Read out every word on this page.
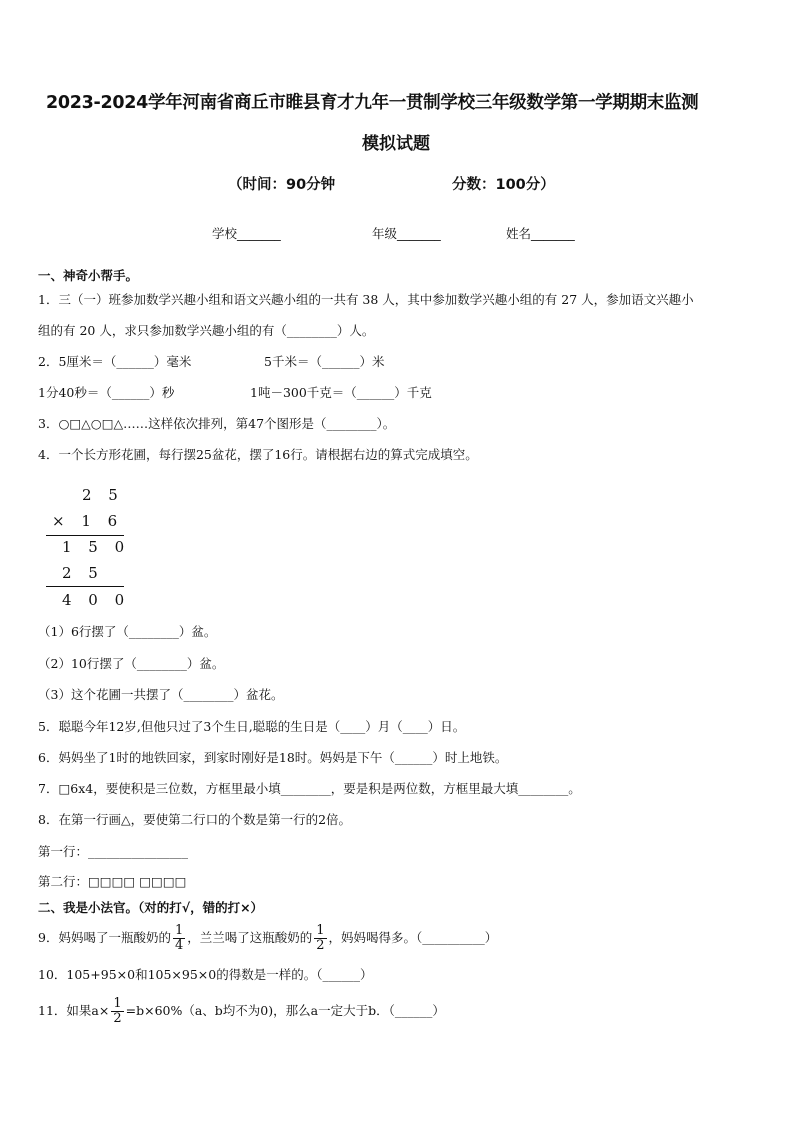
2023-2024学年河南省商丘市睢县育才九年一贯制学校三年级数学第一学期期末监测
模拟试题
（时间：90分钟	分数：100分）
学校_______	年级_______	姓名_______
一、神奇小帮手。
1．三（一）班参加数学兴趣小组和语文兴趣小组的一共有 38 人，其中参加数学兴趣小组的有 27 人，参加语文兴趣小
组的有 20 人，求只参加数学兴趣小组的有（________）人。
2．5厘米＝（______）毫米	5千米＝（______）米
1分40秒＝（______）秒	1吨－300千克＝（______）千克
3．○□△○□△……这样依次排列，第47个图形是（________）。
4．一个长方形花圃，每行摆25盆花，摆了16行。请根据右边的算式完成填空。
2 5
× 1 6
1 5 0
2 5
4 0 0
（1）6行摆了（________）盆。
（2）10行摆了（________）盆。
（3）这个花圃一共摆了（________）盆花。
5．聪聪今年12岁,但他只过了3个生日,聪聪的生日是（____）月（____）日。
6．妈妈坐了1时的地铁回家，到家时刚好是18时。妈妈是下午（______）时上地铁。
7．□6x4，要使积是三位数，方框里最小填________，要是积是两位数，方框里最大填________。
8．在第一行画△，要使第二行口的个数是第一行的2倍。
第一行：________________
第二行：□□□□ □□□□
二、我是小法官。（对的打√，错的打×）
9．妈妈喝了一瓶酸奶的 $\frac{1}{4}$ ，兰兰喝了这瓶酸奶的 $\frac{1}{2}$ ，妈妈喝得多。（__________）
10．105+95×0和105×95×0的得数是一样的。（______）
11．如果$a\times \frac{1}{2} =b\times 60\%(a$、b均不为0)，那么a一定大于b．（______）
